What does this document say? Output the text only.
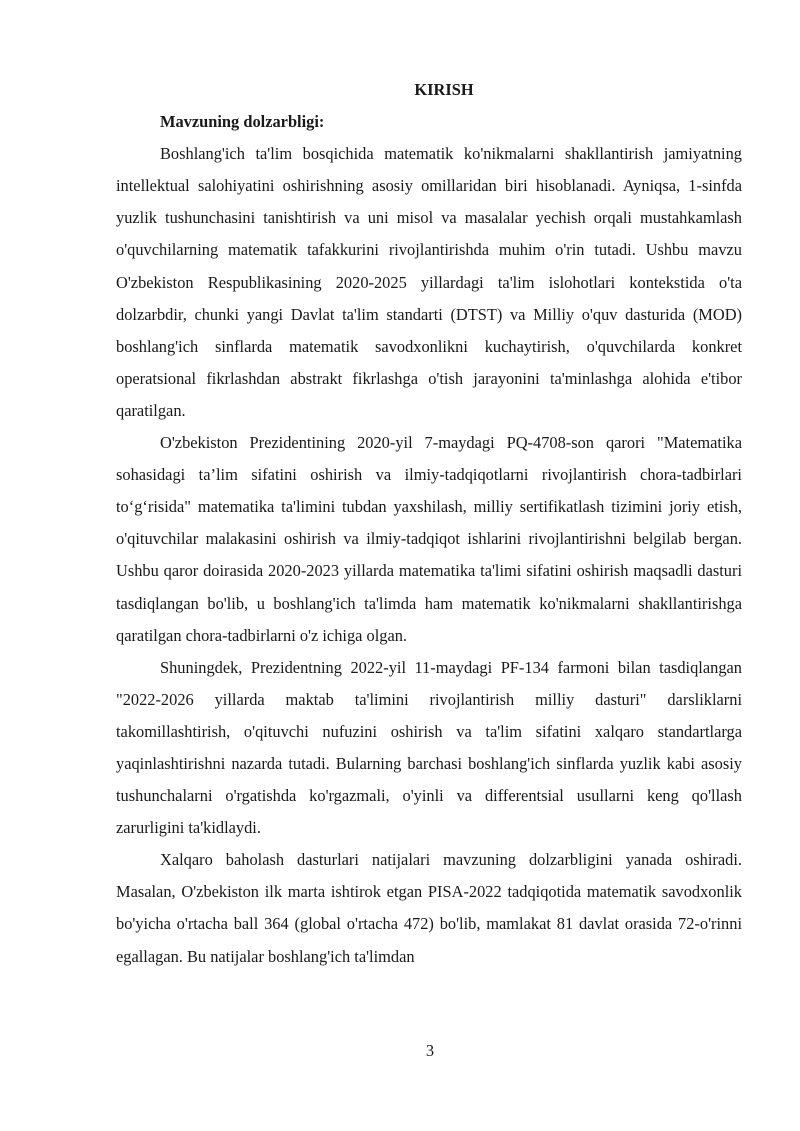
KIRISH

Mavzuning dolzarbligi:

Boshlang'ich ta'lim bosqichida matematik ko'nikmalarni shakllantirish jamiyatning intellektual salohiyatini oshirishning asosiy omillaridan biri hisoblanadi. Ayniqsa, 1-sinfda yuzlik tushunchasini tanishtirish va uni misol va masalalar yechish orqali mustahkamlash o'quvchilarning matematik tafakkurini rivojlantirishda muhim o'rin tutadi. Ushbu mavzu O'zbekiston Respublikasining 2020-2025 yillardagi ta'lim islohotlari kontekstida o'ta dolzarbdir, chunki yangi Davlat ta'lim standarti (DTST) va Milliy o'quv dasturida (MOD) boshlang'ich sinflarda matematik savodxonlikni kuchaytirish, o'quvchilarda konkret operatsional fikrlashdan abstrakt fikrlashga o'tish jarayonini ta'minlashga alohida e'tibor qaratilgan.

O'zbekiston Prezidentining 2020-yil 7-maydagi PQ-4708-son qarori "Matematika sohasidagi ta’lim sifatini oshirish va ilmiy-tadqiqotlarni rivojlantirish chora-tadbirlari to‘g‘risida" matematika ta'limini tubdan yaxshilash, milliy sertifikatlash tizimini joriy etish, o'qituvchilar malakasini oshirish va ilmiy-tadqiqot ishlarini rivojlantirishni belgilab bergan. Ushbu qaror doirasida 2020-2023 yillarda matematika ta'limi sifatini oshirish maqsadli dasturi tasdiqlangan bo'lib, u boshlang'ich ta'limda ham matematik ko'nikmalarni shakllantirishga qaratilgan chora-tadbirlarni o'z ichiga olgan.

Shuningdek, Prezidentning 2022-yil 11-maydagi PF-134 farmoni bilan tasdiqlangan "2022-2026 yillarda maktab ta'limini rivojlantirish milliy dasturi" darsliklarni takomillashtirish, o'qituvchi nufuzini oshirish va ta'lim sifatini xalqaro standartlarga yaqinlashtirishni nazarda tutadi. Bularning barchasi boshlang'ich sinflarda yuzlik kabi asosiy tushunchalarni o'rgatishda ko'rgazmali, o'yinli va differentsial usullarni keng qo'llash zarurligini ta'kidlaydi.

Xalqaro baholash dasturlari natijalari mavzuning dolzarbligini yanada oshiradi. Masalan, O'zbekiston ilk marta ishtirok etgan PISA-2022 tadqiqotida matematik savodxonlik bo'yicha o'rtacha ball 364 (global o'rtacha 472) bo'lib, mamlakat 81 davlat orasida 72-o'rinni egallagan. Bu natijalar boshlang'ich ta'limdan

3
